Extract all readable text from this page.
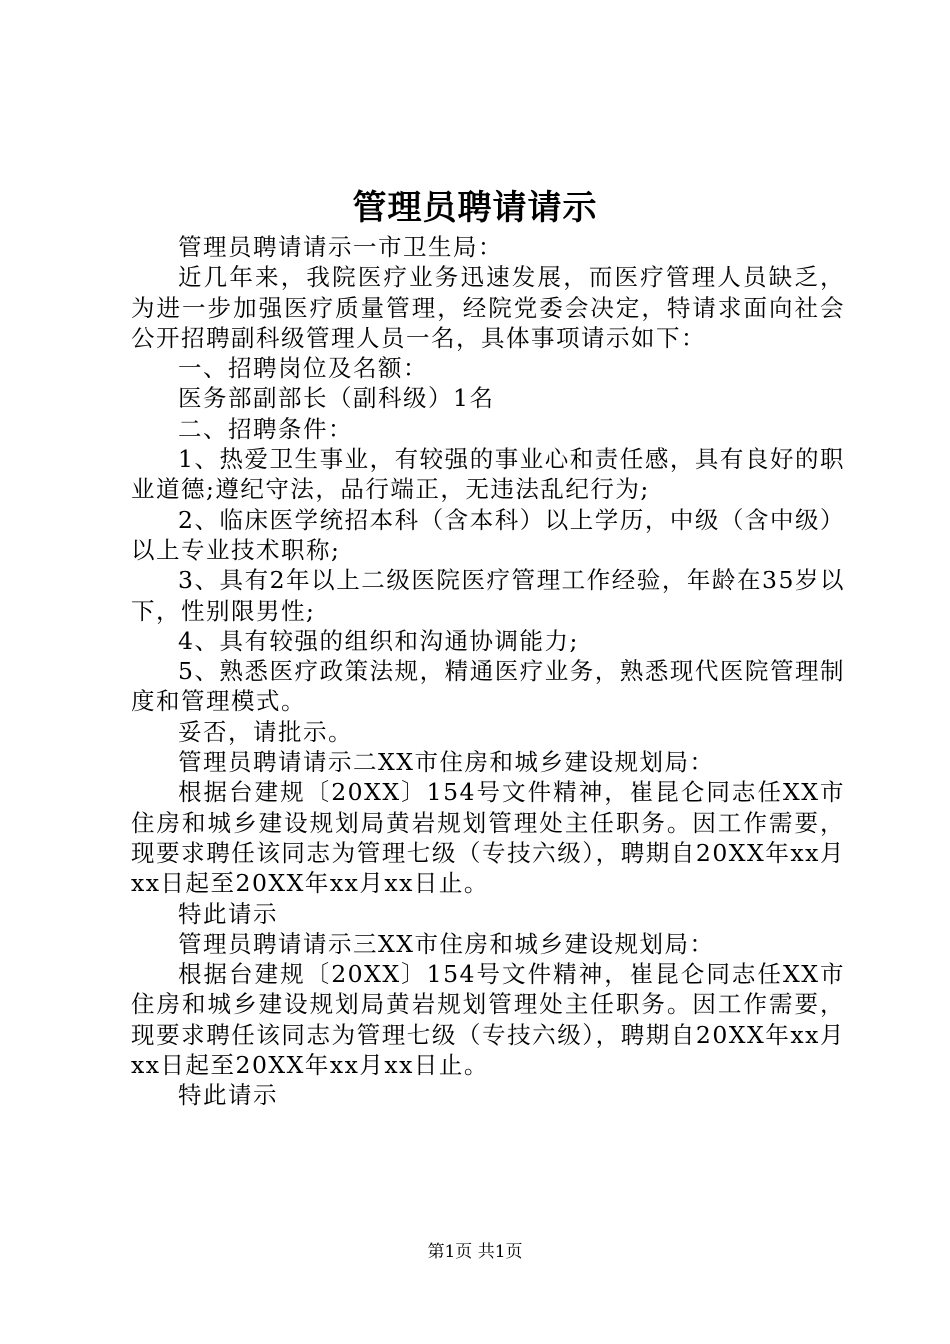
管理员聘请请示

管理员聘请请示一市卫生局：

近几年来，我院医疗业务迅速发展，而医疗管理人员缺乏，为进一步加强医疗质量管理，经院党委会决定，特请求面向社会公开招聘副科级管理人员一名，具体事项请示如下：

一、招聘岗位及名额：

医务部副部长（副科级）1名

二、招聘条件：

1、热爱卫生事业，有较强的事业心和责任感，具有良好的职业道德;遵纪守法，品行端正，无违法乱纪行为;

2、临床医学统招本科（含本科）以上学历，中级（含中级）以上专业技术职称;

3、具有2年以上二级医院医疗管理工作经验，年龄在35岁以下，性别限男性;

4、具有较强的组织和沟通协调能力;

5、熟悉医疗政策法规，精通医疗业务，熟悉现代医院管理制度和管理模式。

妥否，请批示。

管理员聘请请示二XX市住房和城乡建设规划局：

根据台建规〔20XX〕154号文件精神，崔昆仑同志任XX市住房和城乡建设规划局黄岩规划管理处主任职务。因工作需要，现要求聘任该同志为管理七级（专技六级），聘期自20XX年xx月xx日起至20XX年xx月xx日止。

特此请示

管理员聘请请示三XX市住房和城乡建设规划局：

根据台建规〔20XX〕154号文件精神，崔昆仑同志任XX市住房和城乡建设规划局黄岩规划管理处主任职务。因工作需要，现要求聘任该同志为管理七级（专技六级），聘期自20XX年xx月xx日起至20XX年xx月xx日止。

特此请示

第1页 共1页
